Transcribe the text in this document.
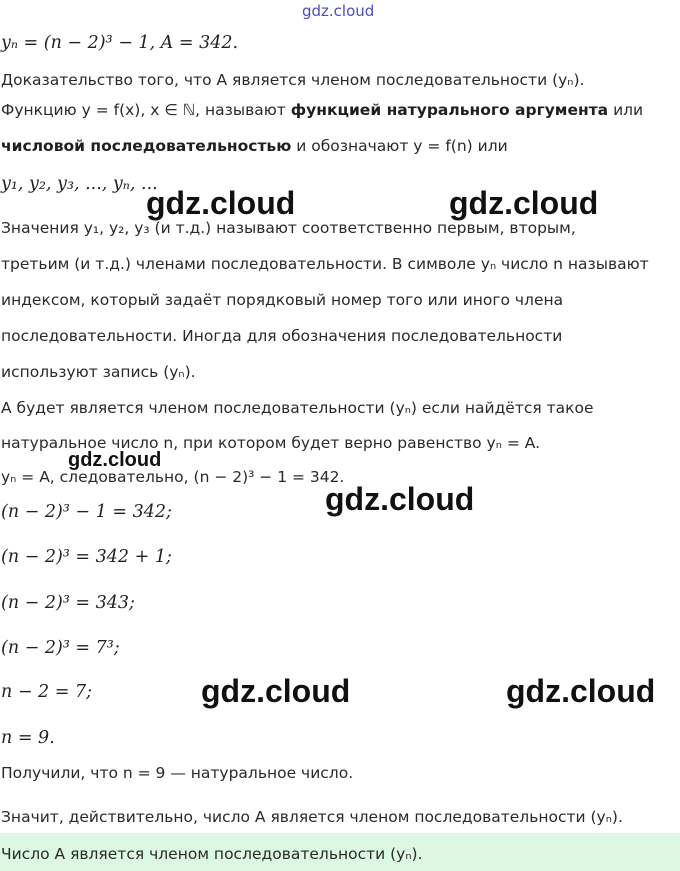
gdz.cloud
yₙ = (n − 2)³ − 1, A = 342.
Доказательство того, что A является членом последовательности (yₙ).
Функцию y = f(x), x ∈ ℕ, называют функцией натурального аргумента или
числовой последовательностью и обозначают y = f(n) или
y₁, y₂, y₃, ..., yₙ, ...
Значения y₁, y₂, y₃ (и т.д.) называют соответственно первым, вторым,
третьим (и т.д.) членами последовательности. В символе yₙ число n называют
индексом, который задаёт порядковый номер того или иного члена
последовательности. Иногда для обозначения последовательности
используют запись (yₙ).
A будет является членом последовательности (yₙ) если найдётся такое
натуральное число n, при котором будет верно равенство yₙ = A.
yₙ = A, следовательно, (n − 2)³ − 1 = 342.
(n − 2)³ − 1 = 342;
(n − 2)³ = 342 + 1;
(n − 2)³ = 343;
(n − 2)³ = 7³;
n − 2 = 7;
n = 9.
Получили, что n = 9 — натуральное число.
Значит, действительно, число A является членом последовательности (yₙ).
Число A является членом последовательности (yₙ).
gdz.cloud	gdz.cloud
gdz.cloud
gdz.cloud
gdz.cloud	gdz.cloud
